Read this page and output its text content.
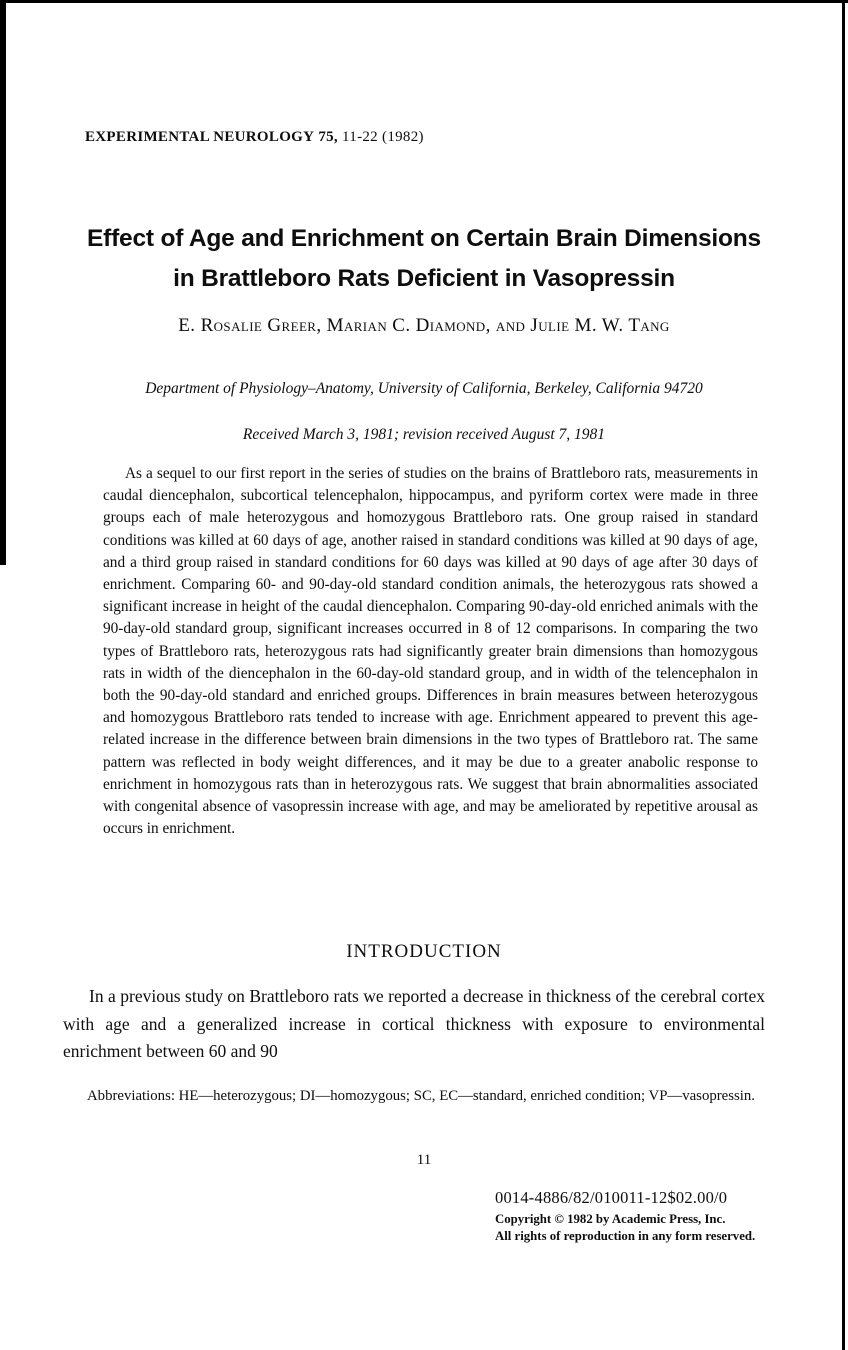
EXPERIMENTAL NEUROLOGY 75, 11-22 (1982)
Effect of Age and Enrichment on Certain Brain Dimensions
in Brattleboro Rats Deficient in Vasopressin
E. Rosalie Greer, Marian C. Diamond, and Julie M. W. Tang
Department of Physiology–Anatomy, University of California, Berkeley, California 94720
Received March 3, 1981; revision received August 7, 1981
As a sequel to our first report in the series of studies on the brains of Brattleboro rats, measurements in caudal diencephalon, subcortical telencephalon, hippocampus, and pyriform cortex were made in three groups each of male heterozygous and homozygous Brattleboro rats. One group raised in standard conditions was killed at 60 days of age, another raised in standard conditions was killed at 90 days of age, and a third group raised in standard conditions for 60 days was killed at 90 days of age after 30 days of enrichment. Comparing 60- and 90-day-old standard condition animals, the heterozygous rats showed a significant increase in height of the caudal diencephalon. Comparing 90-day-old enriched animals with the 90-day-old standard group, significant increases occurred in 8 of 12 comparisons. In comparing the two types of Brattleboro rats, heterozygous rats had significantly greater brain dimensions than homozygous rats in width of the diencephalon in the 60-day-old standard group, and in width of the telencephalon in both the 90-day-old standard and enriched groups. Differences in brain measures between heterozygous and homozygous Brattleboro rats tended to increase with age. Enrichment appeared to prevent this age-related increase in the difference between brain dimensions in the two types of Brattleboro rat. The same pattern was reflected in body weight differences, and it may be due to a greater anabolic response to enrichment in homozygous rats than in heterozygous rats. We suggest that brain abnormalities associated with congenital absence of vasopressin increase with age, and may be ameliorated by repetitive arousal as occurs in enrichment.
INTRODUCTION
In a previous study on Brattleboro rats we reported a decrease in thickness of the cerebral cortex with age and a generalized increase in cortical thickness with exposure to environmental enrichment between 60 and 90
Abbreviations: HE—heterozygous; DI—homozygous; SC, EC—standard, enriched condition; VP—vasopressin.
11
0014-4886/82/010011-12$02.00/0
Copyright © 1982 by Academic Press, Inc.
All rights of reproduction in any form reserved.
